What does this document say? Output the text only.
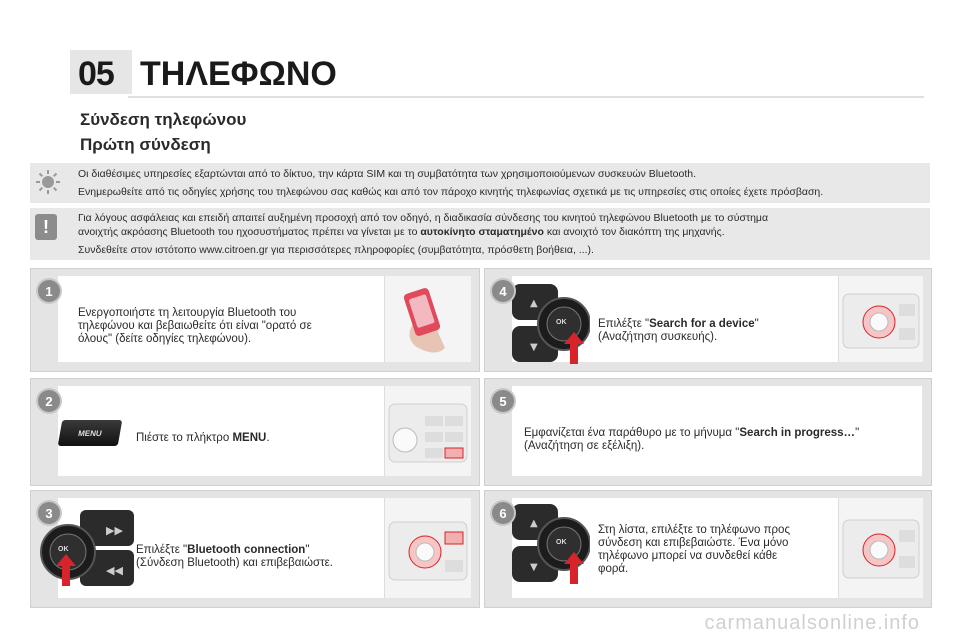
05 ΤΗΛΕΦΩΝΟ
Σύνδεση τηλεφώνου
Πρώτη σύνδεση
Οι διαθέσιμες υπηρεσίες εξαρτώνται από το δίκτυο, την κάρτα SIM και τη συμβατότητα των χρησιμοποιούμενων συσκευών Bluetooth.
Ενημερωθείτε από τις οδηγίες χρήσης του τηλεφώνου σας καθώς και από τον πάροχο κινητής τηλεφωνίας σχετικά με τις υπηρεσίες στις οποίες έχετε πρόσβαση.
!	Για λόγους ασφάλειας και επειδή απαιτεί αυξημένη προσοχή από τον οδηγό, η διαδικασία σύνδεσης του κινητού τηλεφώνου Bluetooth με το σύστημα
ανοιχτής ακρόασης Bluetooth του ηχοσυστήματος πρέπει να γίνεται με το αυτοκίνητο σταματημένο και ανοιχτό τον διακόπτη της μηχανής.
Συνδεθείτε στον ιστότοπο www.citroen.gr για περισσότερες πληροφορίες (συμβατότητα, πρόσθετη βοήθεια, ...).
1
Ενεργοποιήστε τη λειτουργία Bluetooth του
τηλεφώνου και βεβαιωθείτε ότι είναι "ορατό σε
όλους" (δείτε οδηγίες τηλεφώνου).
MENU
2
Πιέστε το πλήκτρο MENU.
▶▶
◀◀
OK
3
Επιλέξτε "Bluetooth connection"
(Σύνδεση Bluetooth) και επιβεβαιώστε.
▲
▼
OK
4
Επιλέξτε "Search for a device"
(Αναζήτηση συσκευής).
5
Εμφανίζεται ένα παράθυρο με το μήνυμα "Search in progress…"
(Αναζήτηση σε εξέλιξη).
▲
▼
OK
6
Στη λίστα, επιλέξτε το τηλέφωνο προς
σύνδεση και επιβεβαιώστε. Ένα μόνο
τηλέφωνο μπορεί να συνδεθεί κάθε
φορά.
carmanualsonline.info
